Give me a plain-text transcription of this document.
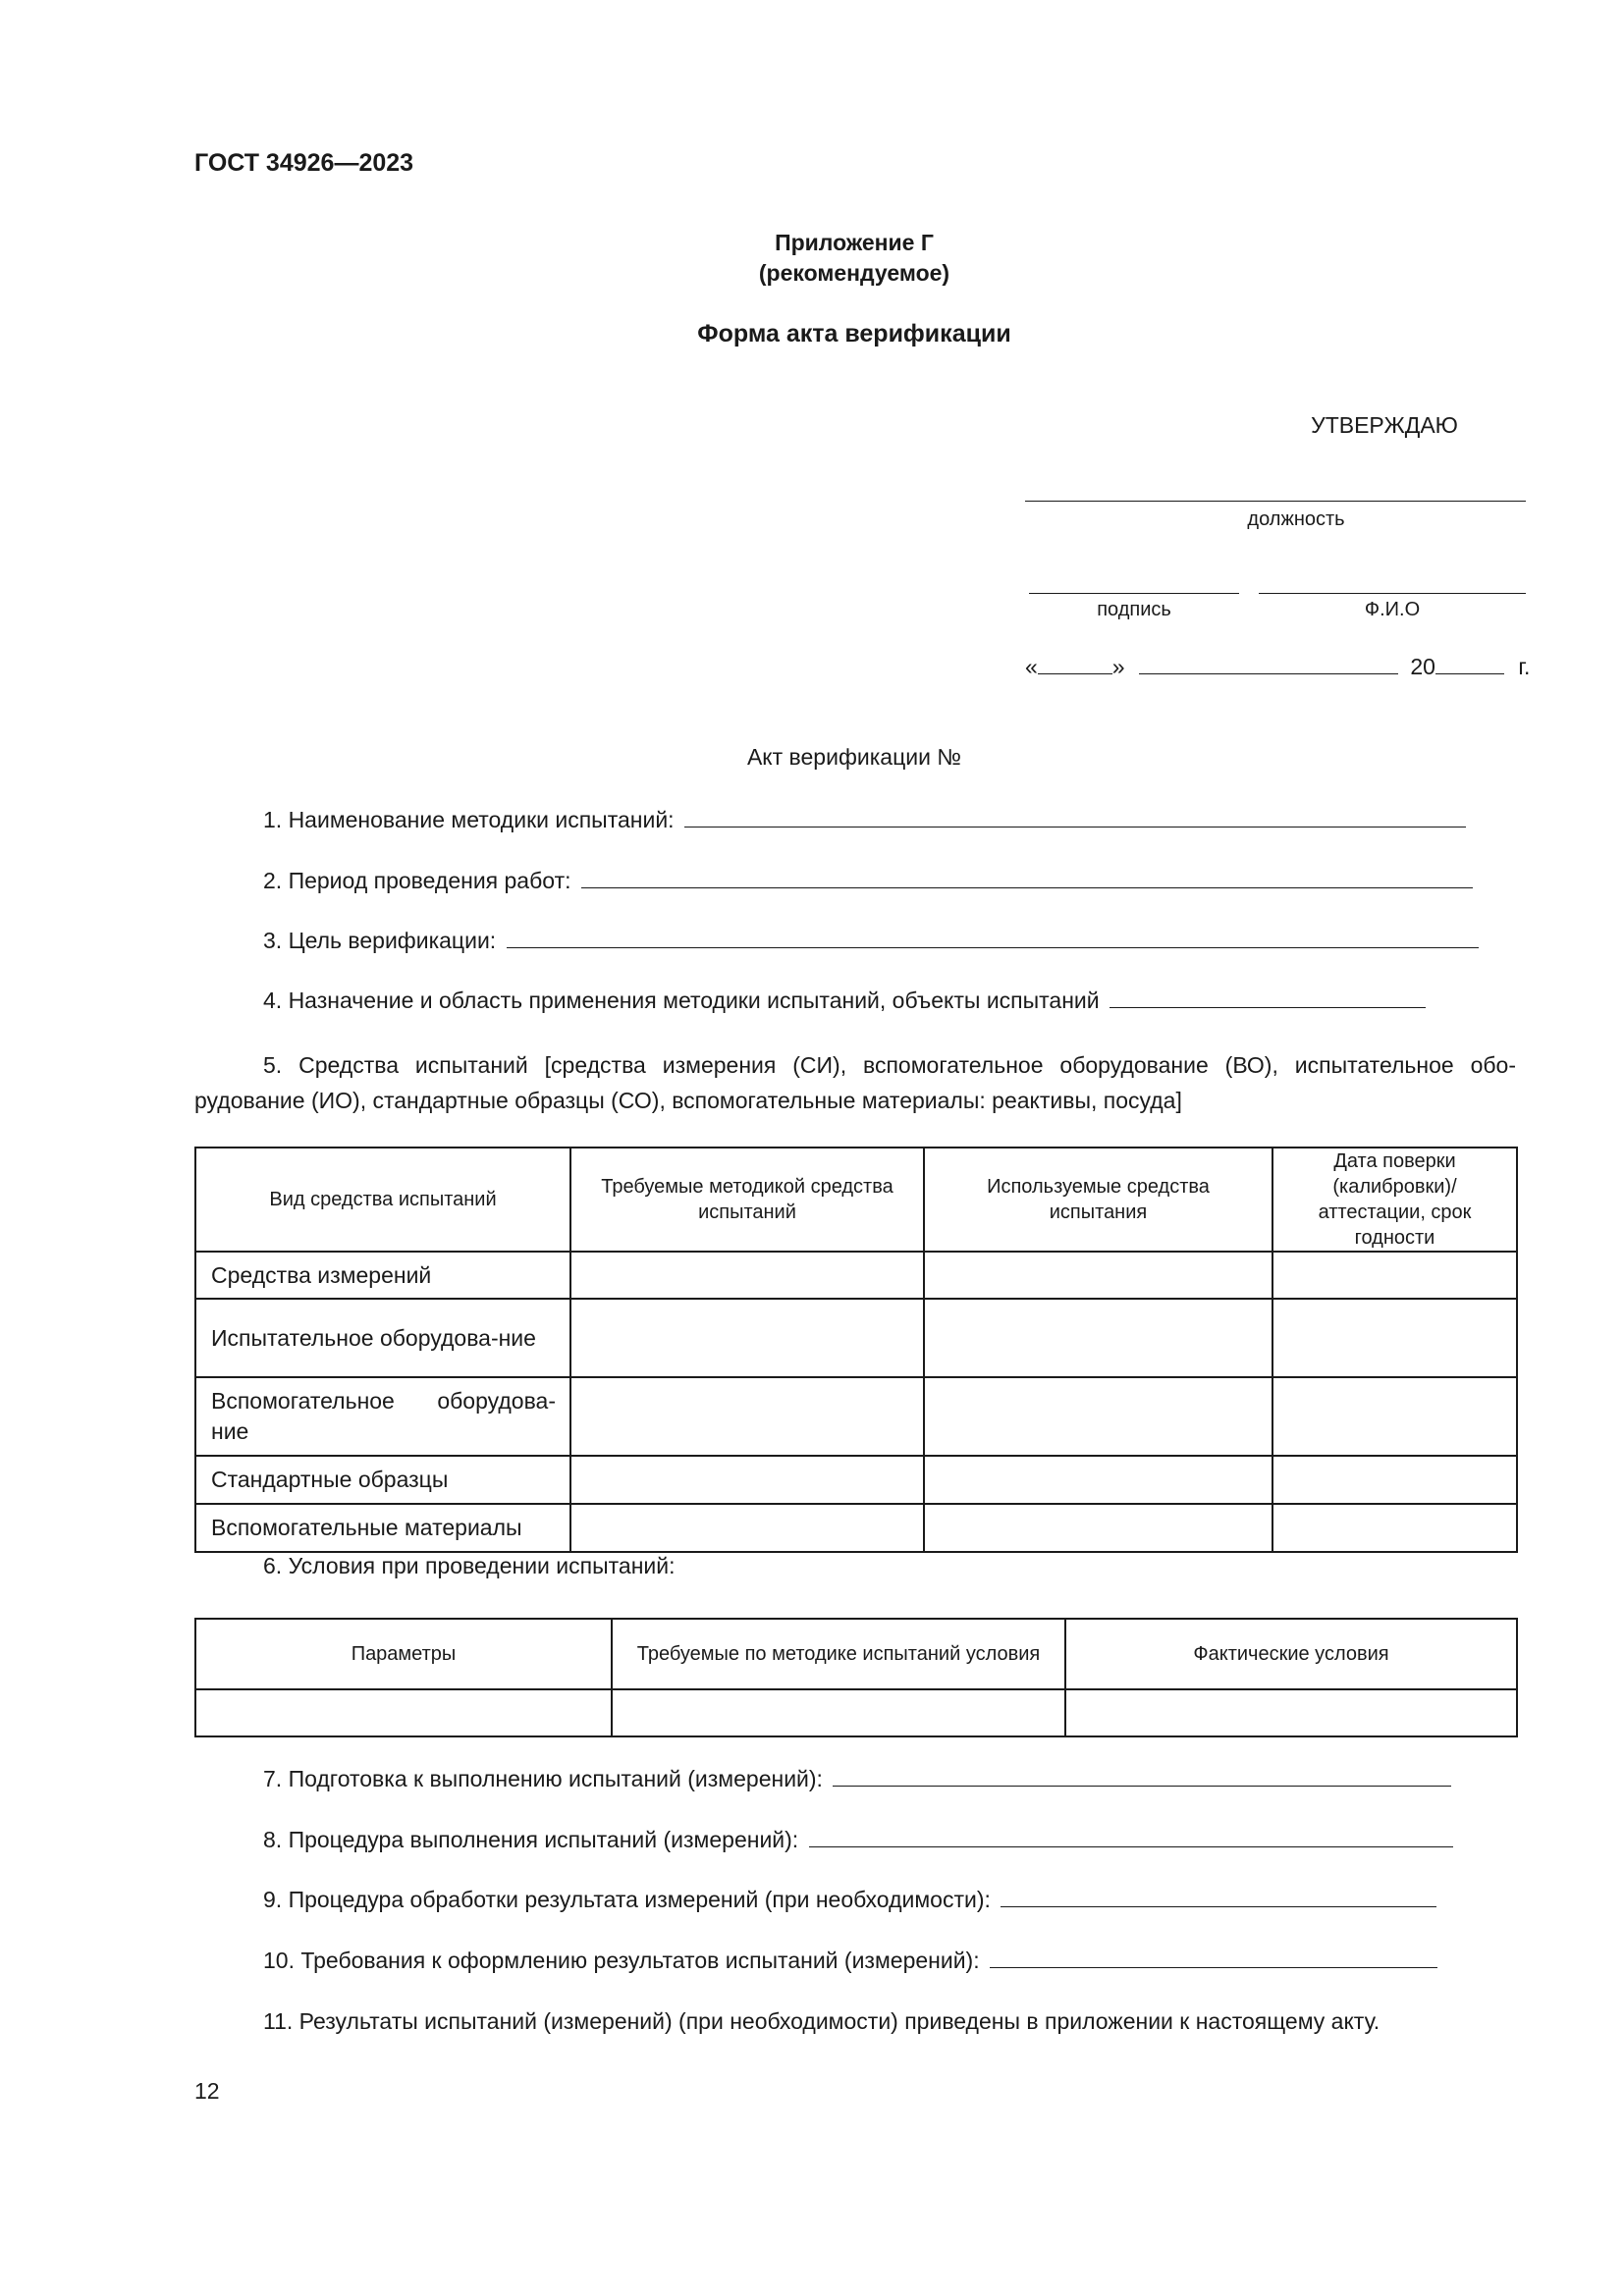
ГОСТ 34926—2023
Приложение Г
(рекомендуемое)
Форма акта верификации
УТВЕРЖДАЮ
должность
подпись	Ф.И.О
«	»	20	г.
Акт верификации №
1. Наименование методики испытаний:
2. Период проведения работ:
3. Цель верификации:
4. Назначение и область применения методики испытаний, объекты испытаний
5. Средства испытаний [средства измерения (СИ), вспомогательное оборудование (ВО), испытательное обо-рудование (ИО), стандартные образцы (СО), вспомогательные материалы: реактивы, посуда]
Вид средства испытаний	Требуемые методикой средства испытаний	Используемые средства испытания	Дата поверки (калибровки)/ аттестации, срок годности
Средства измерений			
Испытательное оборудова-ние			
Вспомогательное оборудова-ние			
Стандартные образцы			
Вспомогательные материалы			
6. Условия при проведении испытаний:
Параметры	Требуемые по методике испытаний условия	Фактические условия

7. Подготовка к выполнению испытаний (измерений):
8. Процедура выполнения испытаний (измерений):
9. Процедура обработки результата измерений (при необходимости):
10. Требования к оформлению результатов испытаний (измерений):
11. Результаты испытаний (измерений) (при необходимости) приведены в приложении к настоящему акту.
12
